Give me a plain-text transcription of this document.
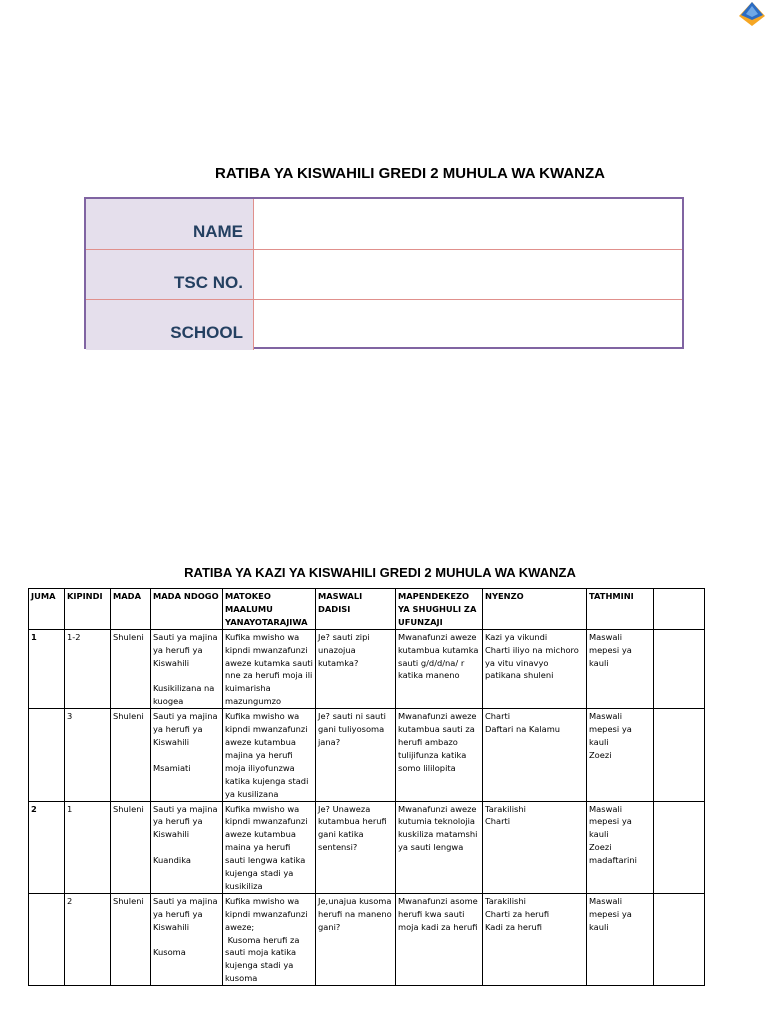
RATIBA YA KISWAHILI GREDI 2 MUHULA WA KWANZA
NAME
TSC NO.
SCHOOL
RATIBA YA KAZI YA KISWAHILI GREDI 2 MUHULA WA KWANZA
JUMA	KIPINDI	MADA	MADA NDOGO	MATOKEO MAALUMU YANAYOTARAJIWA	MASWALI DADISI	MAPENDEKEZO YA SHUGHULI ZA UFUNZAJI	NYENZO	TATHMINI	
1	1-2	Shuleni	Sauti ya majina ya herufi ya Kiswahili
Kusikilizana na kuogea	Kufika mwisho wa kipndi mwanzafunzi aweze kutamka sauti nne za herufi moja ili kuimarisha mazungumzo	Je? sauti zipi unazojua kutamka?	Mwanafunzi aweze kutambua kutamka sauti g/d/d/na/ r katika maneno	Kazi ya vikundi
Charti iliyo na michoro ya vitu vinavyo patikana shuleni	Maswali mepesi ya kauli	

	3	Shuleni	Sauti ya majina ya herufi ya Kiswahili
Msamiati	Kufika mwisho wa kipndi mwanzafunzi aweze kutambua majina ya herufi moja iliyofunzwa katika kujenga stadi ya kusilizana	Je? sauti ni sauti gani tuliyosoma jana?	Mwanafunzi aweze kutambua sauti za herufi ambazo tulijifunza katika somo lililopita	Charti
Daftari na Kalamu	Maswali mepesi ya kauli
Zoezi	

2	1	Shuleni	Sauti ya majina ya herufi ya Kiswahili
Kuandika	Kufika mwisho wa kipndi mwanzafunzi aweze kutambua maina ya herufi sauti lengwa katika kujenga stadi ya kusikiliza	Je? Unaweza kutambua herufi gani katika sentensi?	Mwanafunzi aweze kutumia teknolojia kuskiliza matamshi ya sauti lengwa	Tarakilishi
Charti	Maswali mepesi ya kauli
Zoezi madaftarini	

	2	Shuleni	Sauti ya majina ya herufi ya Kiswahili
Kusoma	Kufika mwisho wa kipndi mwanzafunzi aweze;
Kusoma herufi za sauti moja katika kujenga stadi ya kusoma	Je,unajua kusoma herufi na maneno gani?	Mwanafunzi asome herufi kwa sauti moja kadi za herufi	Tarakilishi
Charti za herufi
Kadi za herufi	Maswali mepesi ya kauli	
